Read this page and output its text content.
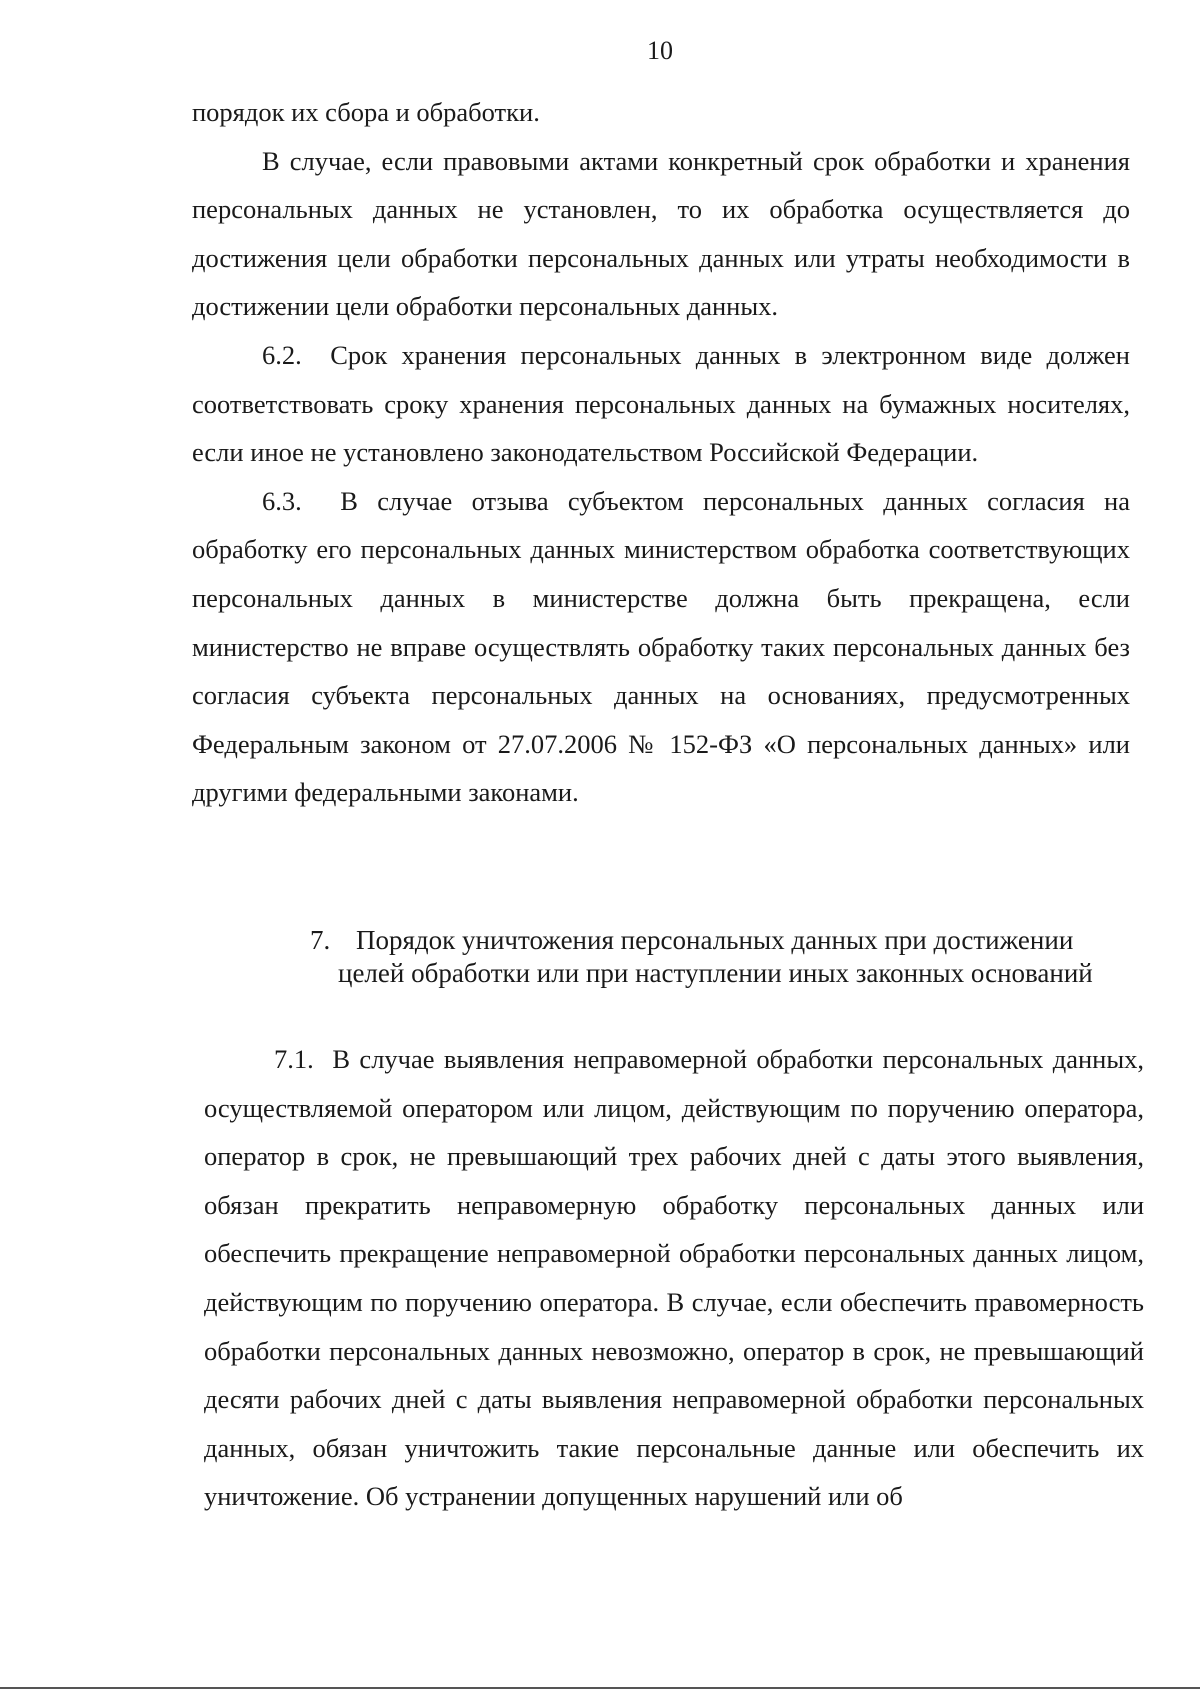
10

порядок их сбора и обработки.

В случае, если правовыми актами конкретный срок обработки и хранения персональных данных не установлен, то их обработка осуществляется до достижения цели обработки персональных данных или утраты необходимости в достижении цели обработки персональных данных.

6.2.  Срок хранения персональных данных в электронном виде должен соответствовать сроку хранения персональных данных на бумажных носителях, если иное не установлено законодательством Российской Федерации.

6.3.  В случае отзыва субъектом персональных данных согласия на обработку его персональных данных министерством обработка соответствующих персональных данных в министерстве должна быть прекращена, если министерство не вправе осуществлять обработку таких персональных данных без согласия субъекта персональных данных на основаниях, предусмотренных Федеральным законом от 27.07.2006 № 152-ФЗ «О персональных данных» или другими федеральными законами.

7. Порядок уничтожения персональных данных при достижении
целей обработки или при наступлении иных законных оснований

7.1.  В случае выявления неправомерной обработки персональных данных, осуществляемой оператором или лицом, действующим по поручению оператора, оператор в срок, не превышающий трех рабочих дней с даты этого выявления, обязан прекратить неправомерную обработку персональных данных или обеспечить прекращение неправомерной обработки персональных данных лицом, действующим по поручению оператора. В случае, если обеспечить правомерность обработки персональных данных невозможно, оператор в срок, не превышающий десяти рабочих дней с даты выявления неправомерной обработки персональных данных, обязан уничтожить такие персональные данные или обеспечить их уничтожение. Об устранении допущенных нарушений или об
